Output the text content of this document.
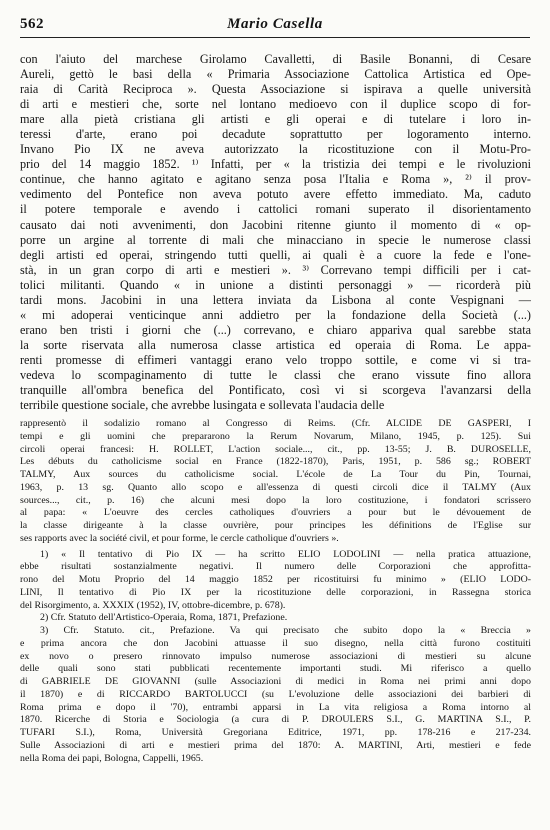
562	Mario Casella
con l'aiuto del marchese Girolamo Cavalletti, di Basile Bonanni, di Cesare
Aureli, gettò le basi della « Primaria Associazione Cattolica Artistica ed Ope-
raia di Carità Reciproca ». Questa Associazione si ispirava a quelle università
di arti e mestieri che, sorte nel lontano medioevo con il duplice scopo di for-
mare alla pietà cristiana gli artisti e gli operai e di tutelare i loro in-
teressi d'arte, erano poi decadute soprattutto per logoramento interno.
Invano Pio IX ne aveva autorizzato la ricostituzione con il Motu-Pro-
prio del 14 maggio 1852. ¹⁾ Infatti, per « la tristizia dei tempi e le rivoluzioni
continue, che hanno agitato e agitano senza posa l'Italia e Roma », ²⁾ il prov-
vedimento del Pontefice non aveva potuto avere effetto immediato. Ma, caduto
il potere temporale e avendo i cattolici romani superato il disorientamento
causato dai noti avvenimenti, don Jacobini ritenne giunto il momento di « op-
porre un argine al torrente di mali che minacciano in specie le numerose classi
degli artisti ed operai, stringendo tutti quelli, ai quali è a cuore la fede e l'one-
stà, in un gran corpo di arti e mestieri ». ³⁾ Correvano tempi difficili per i cat-
tolici militanti. Quando « in unione a distinti personaggi » — ricorderà più
tardi mons. Jacobini in una lettera inviata da Lisbona al conte Vespignani —
« mi adoperai venticinque anni addietro per la fondazione della Società (...)
erano ben tristi i giorni che (...) correvano, e chiaro appariva qual sarebbe stata
la sorte riservata alla numerosa classe artistica ed operaia di Roma. Le appa-
renti promesse di effimeri vantaggi erano velo troppo sottile, e come vi si tra-
vedeva lo scompaginamento di tutte le classi che erano vissute fino allora
tranquille all'ombra benefica del Pontificato, così vi si scorgeva l'avanzarsi della
terribile questione sociale, che avrebbe lusingata e sollevata l'audacia delle
rappresentò il sodalizio romano al Congresso di Reims. (Cfr. ALCIDE DE GASPERI, I
tempi e gli uomini che prepararono la Rerum Novarum, Milano, 1945, p. 125). Sui
circoli operai francesi: H. ROLLET, L'action sociale..., cit., pp. 13-55; J. B. DUROSELLE,
Les débuts du catholicisme social en France (1822-1870), Paris, 1951, p. 586 sg.; ROBERT
TALMY, Aux sources du catholicisme social. L'école de La Tour du Pin, Tournai,
1963, p. 13 sg. Quanto allo scopo e all'essenza di questi circoli dice il TALMY (Aux
sources..., cit., p. 16) che alcuni mesi dopo la loro costituzione, i fondatori scrissero
al papa: « L'oeuvre des cercles catholiques d'ouvriers a pour but le dévouement de
la classe dirigeante à la classe ouvrière, pour principes les définitions de l'Eglise sur
ses rapports avec la société civil, et pour forme, le cercle catholique d'ouvriers ».
1) « Il tentativo di Pio IX — ha scritto ELIO LODOLINI — nella pratica attuazione,
ebbe risultati sostanzialmente negativi. Il numero delle Corporazioni che approfitta-
rono del Motu Proprio del 14 maggio 1852 per ricostituirsi fu minimo » (ELIO LODO-
LINI, Il tentativo di Pio IX per la ricostituzione delle corporazioni, in Rassegna storica
del Risorgimento, a. XXXIX (1952), IV, ottobre-dicembre, p. 678).
2) Cfr. Statuto dell'Artistico-Operaia, Roma, 1871, Prefazione.
3) Cfr. Statuto. cit., Prefazione. Va qui precisato che subito dopo la « Breccia »
e prima ancora che don Jacobini attuasse il suo disegno, nella città furono costituiti
ex novo o presero rinnovato impulso numerose associazioni di mestieri su alcune
delle quali sono stati pubblicati recentemente importanti studi. Mi riferisco a quello
di GABRIELE DE GIOVANNI (sulle Associazioni di medici in Roma nei primi anni dopo
il 1870) e di RICCARDO BARTOLUCCI (su L'evoluzione delle associazioni dei barbieri di
Roma prima e dopo il '70), entrambi apparsi in La vita religiosa a Roma intorno al
1870. Ricerche di Storia e Sociologia (a cura di P. DROULERS S.I., G. MARTINA S.I., P.
TUFARI S.I.), Roma, Università Gregoriana Editrice, 1971, pp. 178-216 e 217-234.
Sulle Associazioni di arti e mestieri prima del 1870: A. MARTINI, Arti, mestieri e fede
nella Roma dei papi, Bologna, Cappelli, 1965.
